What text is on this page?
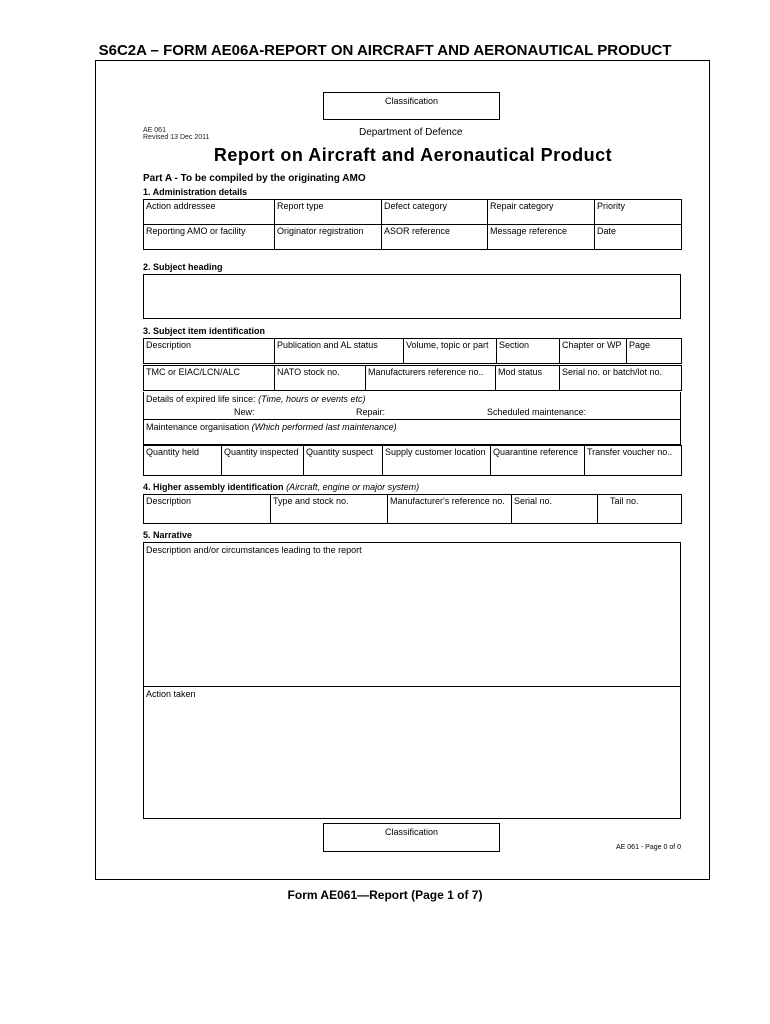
S6C2A – FORM AE06A-REPORT ON AIRCRAFT AND AERONAUTICAL PRODUCT
Classification
AE 061
Revised 13 Dec 2011	Department of Defence
Report on Aircraft and Aeronautical Product
Part A - To be compiled by the originating AMO
1. Administration details
Action addressee	Report type	Defect category	Repair category	Priority
Reporting AMO or facility	Originator registration	ASOR reference	Message reference	Date
2. Subject heading
3. Subject item identification
Description	Publication and AL status	Volume, topic or part	Section	Chapter or WP	Page
TMC or EIAC/LCN/ALC	NATO stock no.	Manufacturers reference no..	Mod status	Serial no. or batch/lot no.
Details of expired life since: (Time, hours or events etc)
New:	Repair:	Scheduled maintenance:
Maintenance organisation (Which performed last maintenance)
Quantity held	Quantity inspected	Quantity suspect	Supply customer location	Quarantine reference	Transfer voucher no..
4. Higher assembly identification (Aircraft, engine or major system)
Description	Type and stock no.	Manufacturer's reference no.	Serial no.	Tail no.
5. Narrative
Description and/or circumstances leading to the report
Action taken
Classification
AE 061 - Page 0 of 0
Form AE061—Report (Page 1 of 7)
